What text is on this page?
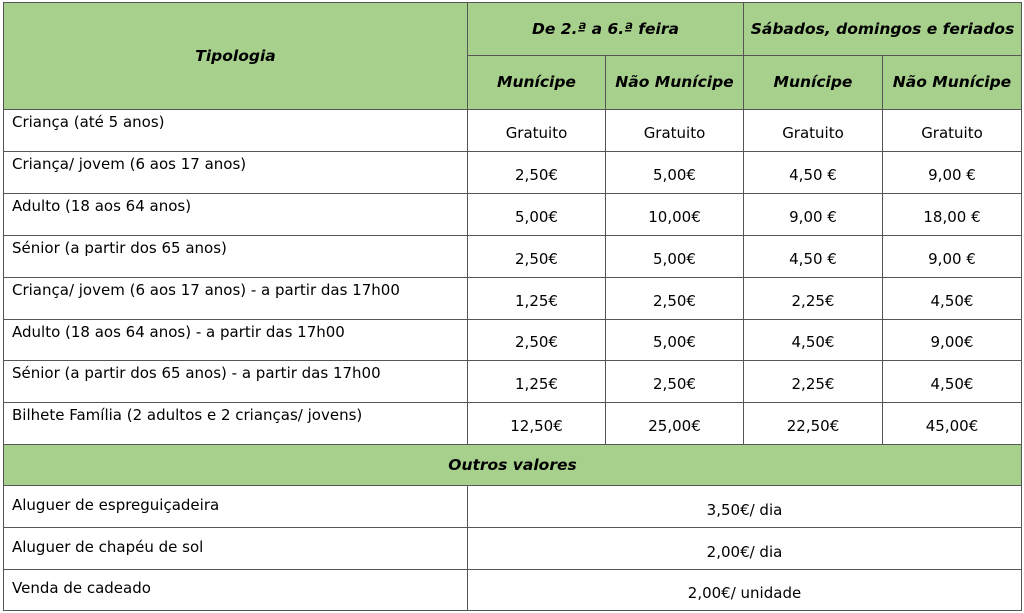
Tipologia	De 2.ª a 6.ª feira		Sábados, domingos e feriados	
	Munícipe	Não Munícipe	Munícipe	Não Munícipe
Criança (até 5 anos)	Gratuito	Gratuito	Gratuito	Gratuito
Criança/ jovem (6 aos 17 anos)	2,50€	5,00€	4,50 €	9,00 €
Adulto (18 aos 64 anos)	5,00€	10,00€	9,00 €	18,00 €
Sénior (a partir dos 65 anos)	2,50€	5,00€	4,50 €	9,00 €
Criança/ jovem (6 aos 17 anos) - a partir das 17h00	1,25€	2,50€	2,25€	4,50€
Adulto (18 aos 64 anos) - a partir das 17h00	2,50€	5,00€	4,50€	9,00€
Sénior (a partir dos 65 anos) - a partir das 17h00	1,25€	2,50€	2,25€	4,50€
Bilhete Família (2 adultos e 2 crianças/ jovens)	12,50€	25,00€	22,50€	45,00€
Outros valores				
Aluguer de espreguiçadeira	3,50€/ dia			
Aluguer de chapéu de sol	2,00€/ dia			
Venda de cadeado	2,00€/ unidade			
